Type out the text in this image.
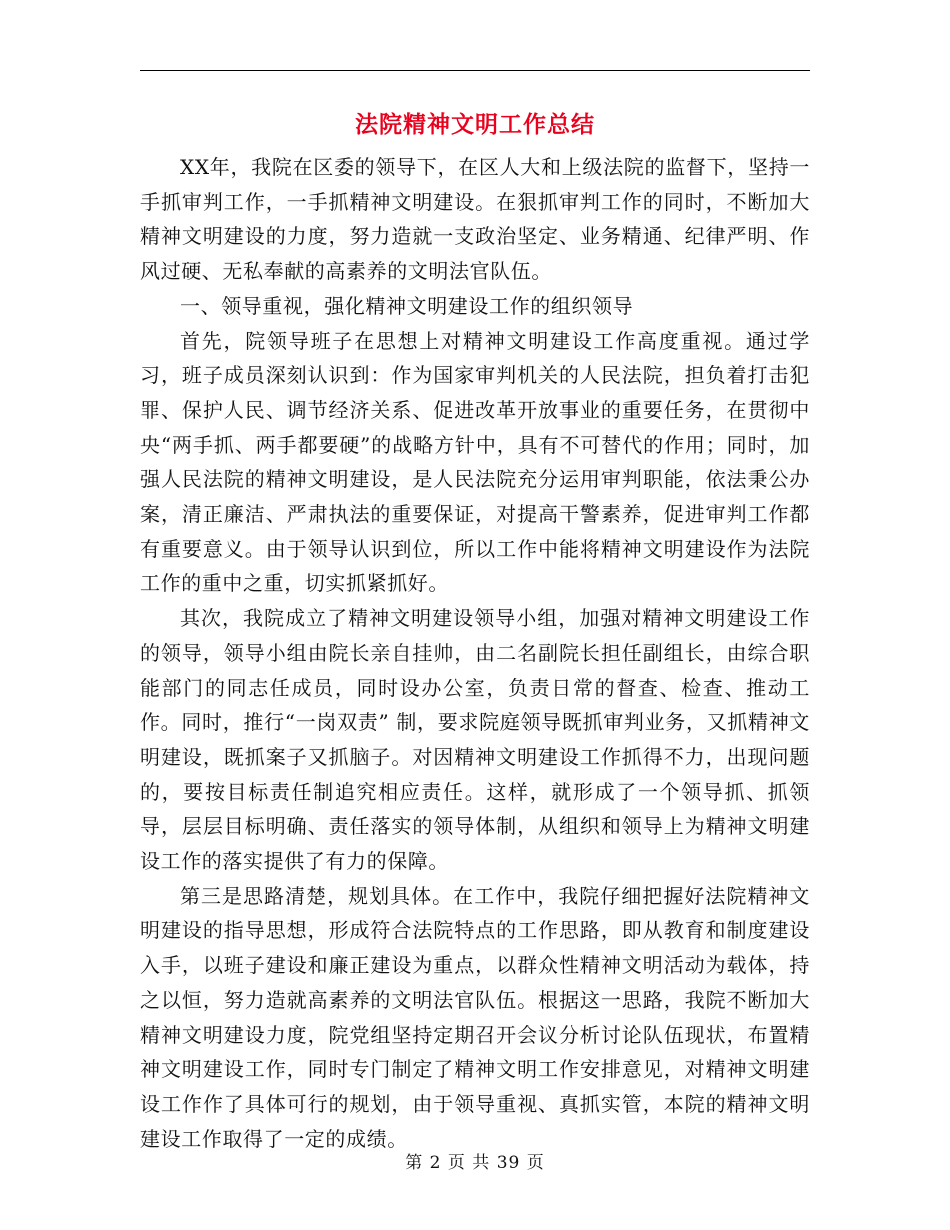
法院精神文明工作总结

XX年，我院在区委的领导下，在区人大和上级法院的监督下，坚持一手抓审判工作，一手抓精神文明建设。在狠抓审判工作的同时，不断加大精神文明建设的力度，努力造就一支政治坚定、业务精通、纪律严明、作风过硬、无私奉献的高素养的文明法官队伍。

一、领导重视，强化精神文明建设工作的组织领导

首先，院领导班子在思想上对精神文明建设工作高度重视。通过学习，班子成员深刻认识到：作为国家审判机关的人民法院，担负着打击犯罪、保护人民、调节经济关系、促进改革开放事业的重要任务，在贯彻中央“两手抓、两手都要硬”的战略方针中，具有不可替代的作用；同时，加强人民法院的精神文明建设，是人民法院充分运用审判职能，依法秉公办案，清正廉洁、严肃执法的重要保证，对提高干警素养，促进审判工作都有重要意义。由于领导认识到位，所以工作中能将精神文明建设作为法院工作的重中之重，切实抓紧抓好。

其次，我院成立了精神文明建设领导小组，加强对精神文明建设工作的领导，领导小组由院长亲自挂帅，由二名副院长担任副组长，由综合职能部门的同志任成员，同时设办公室，负责日常的督查、检查、推动工作。同时，推行“一岗双责” 制，要求院庭领导既抓审判业务，又抓精神文明建设，既抓案子又抓脑子。对因精神文明建设工作抓得不力，出现问题的，要按目标责任制追究相应责任。这样，就形成了一个领导抓、抓领导，层层目标明确、责任落实的领导体制，从组织和领导上为精神文明建设工作的落实提供了有力的保障。

第三是思路清楚，规划具体。在工作中，我院仔细把握好法院精神文明建设的指导思想，形成符合法院特点的工作思路，即从教育和制度建设入手，以班子建设和廉正建设为重点，以群众性精神文明活动为载体，持之以恒，努力造就高素养的文明法官队伍。根据这一思路，我院不断加大精神文明建设力度，院党组坚持定期召开会议分析讨论队伍现状，布置精神文明建设工作，同时专门制定了精神文明工作安排意见，对精神文明建设工作作了具体可行的规划，由于领导重视、真抓实管，本院的精神文明建设工作取得了一定的成绩。

第 2 页 共 39 页
